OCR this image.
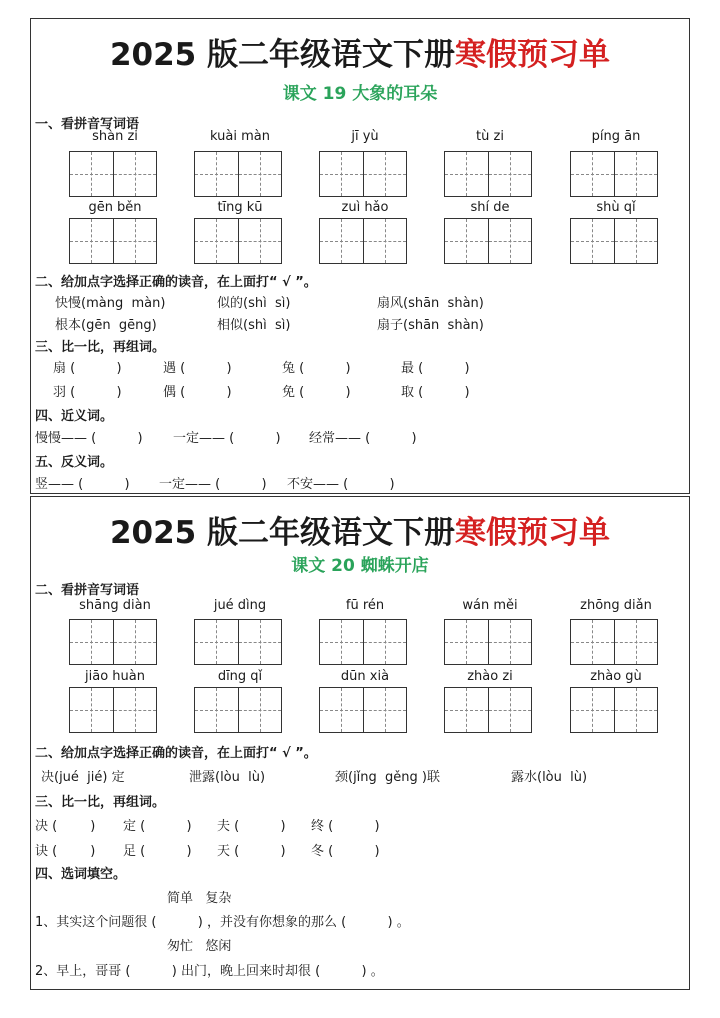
2025 版二年级语文下册寒假预习单
课文 19 大象的耳朵
一、看拼音写词语
shàn zi	kuài màn	jī yù	tù zi	píng ān
gēn běn	tīng kū	zuì hǎo	shí de	shù qǐ
二、给加点字选择正确的读音，在上面打“ √ ”。
快慢(màng  màn)	似的(shì  sì)	扇风(shān  shàn)
根本(gēn  gēng)	相似(shì  sì)	扇子(shān  shàn)
三、比一比，再组词。
扇 (          )	遇 (          )	兔 (          )	最 (          )
羽 (          )	偶 (          )	免 (          )	取 (          )
四、近义词。
慢慢—— (          ) 一定—— (          ) 经常—— (          )
五、反义词。
竖—— (          ) 一定—— (          ) 不安—— (          )
2025 版二年级语文下册寒假预习单
课文 20 蜘蛛开店
二、看拼音写词语
shāng diàn	jué dìng	fū rén	wán měi	zhōng diǎn
jiāo huàn	dīng qǐ	dūn xià	zhào zi	zhào gù
二、给加点字选择正确的读音，在上面打“ √ ”。
决(jué  jié) 定	泄露(lòu  lù)	颈(jǐng  gěng )联	露水(lòu  lù)
三、比一比，再组词。
决 (        ) 定 (          ) 夫 (          ) 终 (          )
诀 (        ) 足 (          ) 天 (          ) 冬 (          )
四、选词填空。
简单   复杂
1、其实这个问题很 (          ) ，并没有你想象的那么 (          ) 。
匆忙   悠闲
2、早上，哥哥 (          ) 出门，晚上回来时却很 (          ) 。
